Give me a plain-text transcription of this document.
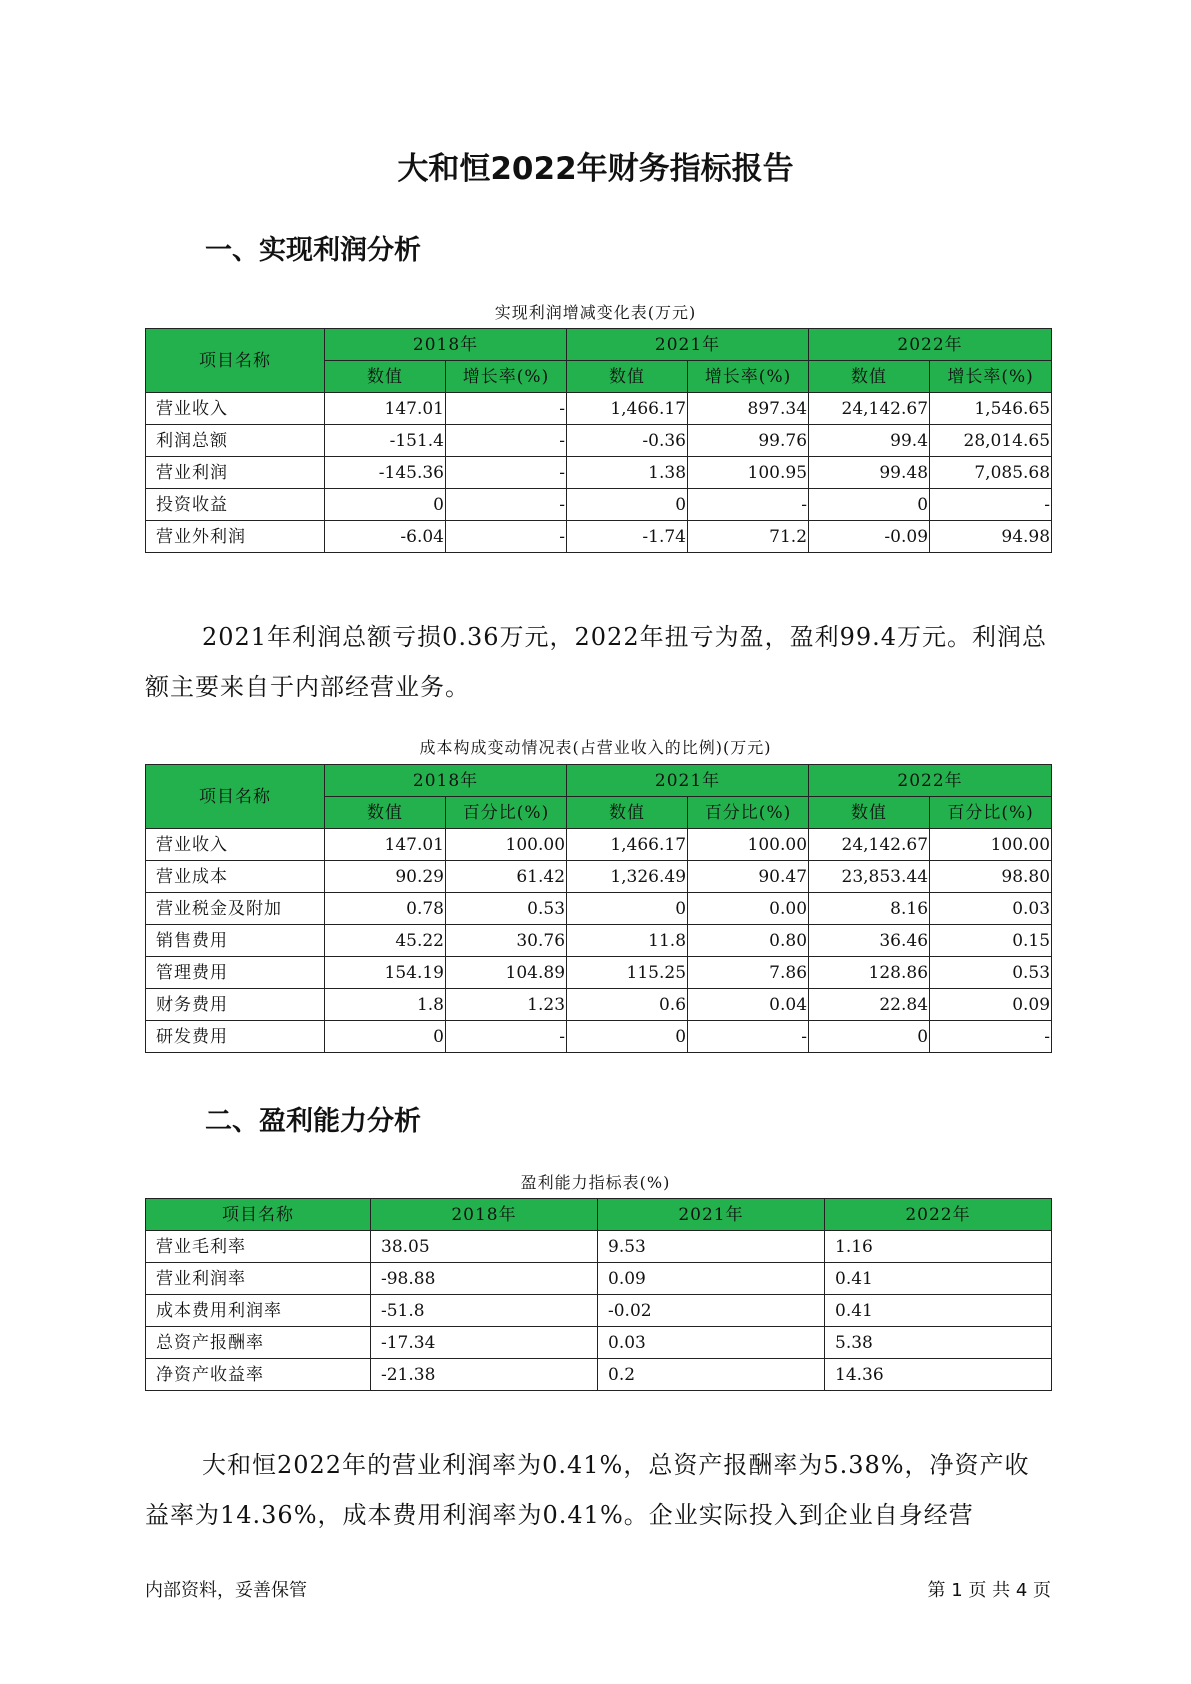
大和恒2022年财务指标报告
一、实现利润分析
实现利润增减变化表(万元)
项目名称	2018年		2021年		2022年	
	数值	增长率(%)	数值	增长率(%)	数值	增长率(%)
营业收入	147.01	-	1,466.17	897.34	24,142.67	1,546.65
利润总额	-151.4	-	-0.36	99.76	99.4	28,014.65
营业利润	-145.36	-	1.38	100.95	99.48	7,085.68
投资收益	0	-	0	-	0	-
营业外利润	-6.04	-	-1.74	71.2	-0.09	94.98
2021年利润总额亏损0.36万元，2022年扭亏为盈，盈利99.4万元。利润总额主要来自于内部经营业务。
成本构成变动情况表(占营业收入的比例)(万元)
项目名称	2018年		2021年		2022年	
	数值	百分比(%)	数值	百分比(%)	数值	百分比(%)
营业收入	147.01	100.00	1,466.17	100.00	24,142.67	100.00
营业成本	90.29	61.42	1,326.49	90.47	23,853.44	98.80
营业税金及附加	0.78	0.53	0	0.00	8.16	0.03
销售费用	45.22	30.76	11.8	0.80	36.46	0.15
管理费用	154.19	104.89	115.25	7.86	128.86	0.53
财务费用	1.8	1.23	0.6	0.04	22.84	0.09
研发费用	0	-	0	-	0	-
二、盈利能力分析
盈利能力指标表(%)
项目名称	2018年	2021年	2022年
营业毛利率	38.05	9.53	1.16
营业利润率	-98.88	0.09	0.41
成本费用利润率	-51.8	-0.02	0.41
总资产报酬率	-17.34	0.03	5.38
净资产收益率	-21.38	0.2	14.36
大和恒2022年的营业利润率为0.41%，总资产报酬率为5.38%，净资产收益率为14.36%，成本费用利润率为0.41%。企业实际投入到企业自身经营
内部资料，妥善保管	第 1 页 共 4 页
